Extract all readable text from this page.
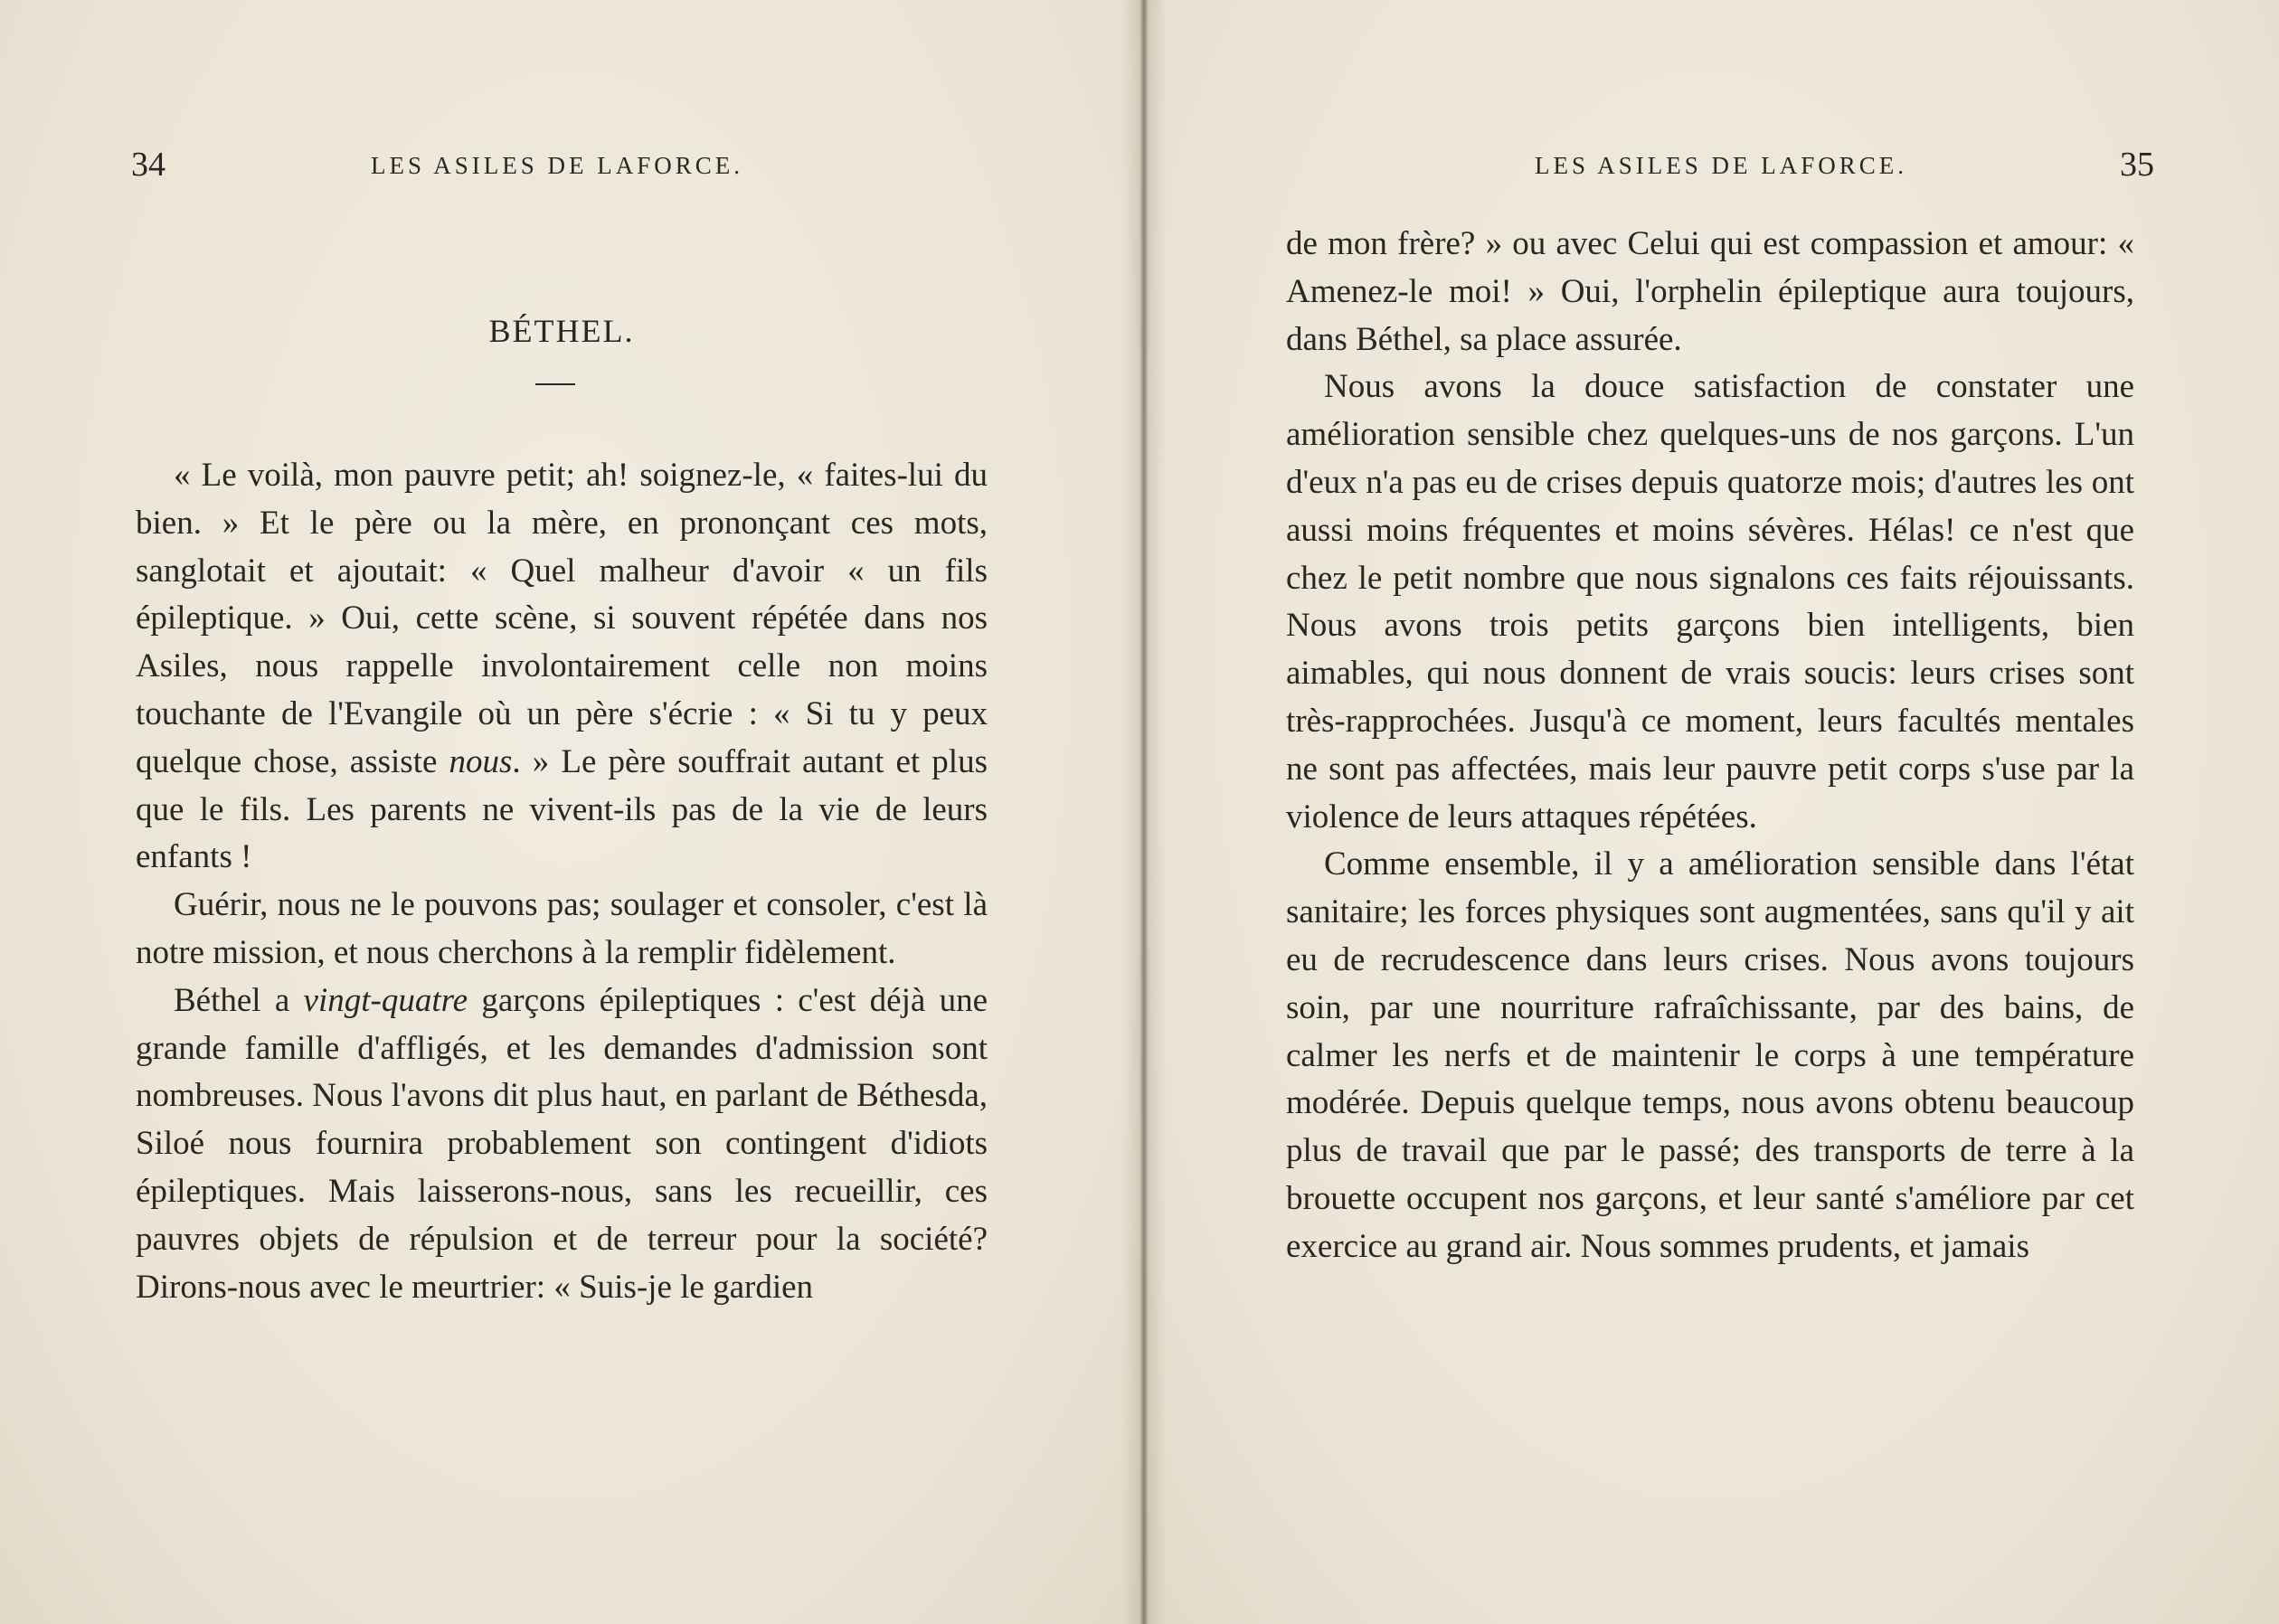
34	LES ASILES DE LAFORCE.
BÉTHEL.

« Le voilà, mon pauvre petit; ah! soignez-le, « faites-lui du bien. » Et le père ou la mère, en prononçant ces mots, sanglotait et ajoutait: « Quel malheur d'avoir « un fils épileptique. » Oui, cette scène, si souvent répétée dans nos Asiles, nous rappelle involontairement celle non moins touchante de l'Evangile où un père s'écrie : « Si tu y peux quelque chose, assiste nous. » Le père souffrait autant et plus que le fils. Les parents ne vivent-ils pas de la vie de leurs enfants !

Guérir, nous ne le pouvons pas; soulager et consoler, c'est là notre mission, et nous cherchons à la remplir fidèlement.

Béthel a vingt-quatre garçons épileptiques : c'est déjà une grande famille d'affligés, et les demandes d'admission sont nombreuses. Nous l'avons dit plus haut, en parlant de Béthesda, Siloé nous fournira probablement son contingent d'idiots épileptiques. Mais laisserons-nous, sans les recueillir, ces pauvres objets de répulsion et de terreur pour la société? Dirons-nous avec le meurtrier: « Suis-je le gardien

LES ASILES DE LAFORCE.	35

de mon frère? » ou avec Celui qui est compassion et amour: « Amenez-le moi! » Oui, l'orphelin épileptique aura toujours, dans Béthel, sa place assurée.

Nous avons la douce satisfaction de constater une amélioration sensible chez quelques-uns de nos garçons. L'un d'eux n'a pas eu de crises depuis quatorze mois; d'autres les ont aussi moins fréquentes et moins sévères. Hélas! ce n'est que chez le petit nombre que nous signalons ces faits réjouissants. Nous avons trois petits garçons bien intelligents, bien aimables, qui nous donnent de vrais soucis: leurs crises sont très-rapprochées. Jusqu'à ce moment, leurs facultés mentales ne sont pas affectées, mais leur pauvre petit corps s'use par la violence de leurs attaques répétées.

Comme ensemble, il y a amélioration sensible dans l'état sanitaire; les forces physiques sont augmentées, sans qu'il y ait eu de recrudescence dans leurs crises. Nous avons toujours soin, par une nourriture rafraîchissante, par des bains, de calmer les nerfs et de maintenir le corps à une température modérée. Depuis quelque temps, nous avons obtenu beaucoup plus de travail que par le passé; des transports de terre à la brouette occupent nos garçons, et leur santé s'améliore par cet exercice au grand air. Nous sommes prudents, et jamais
